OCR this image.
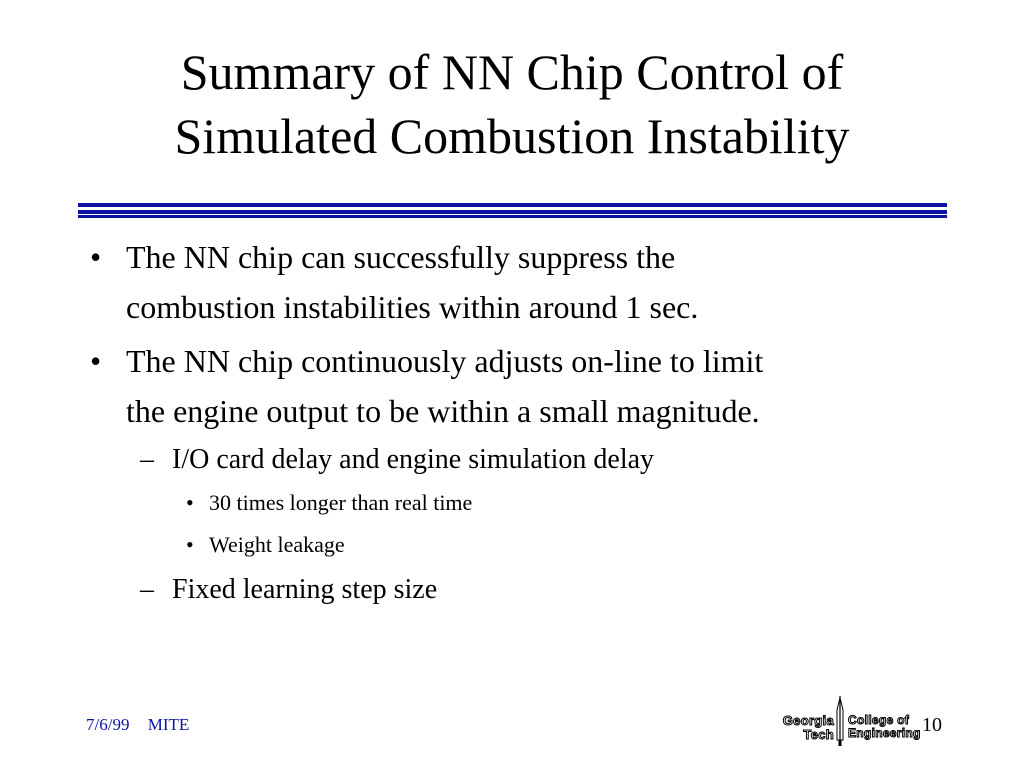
Summary of NN Chip Control of
Simulated Combustion Instability
• The NN chip can successfully suppress the
combustion instabilities within around 1 sec.
• The NN chip continuously adjusts on-line to limit
the engine output to be within a small magnitude.
– I/O card delay and engine simulation delay
• 30 times longer than real time
• Weight leakage
– Fixed learning step size
7/6/99 MITE	10
Georgia
Tech
College of
Engineering
